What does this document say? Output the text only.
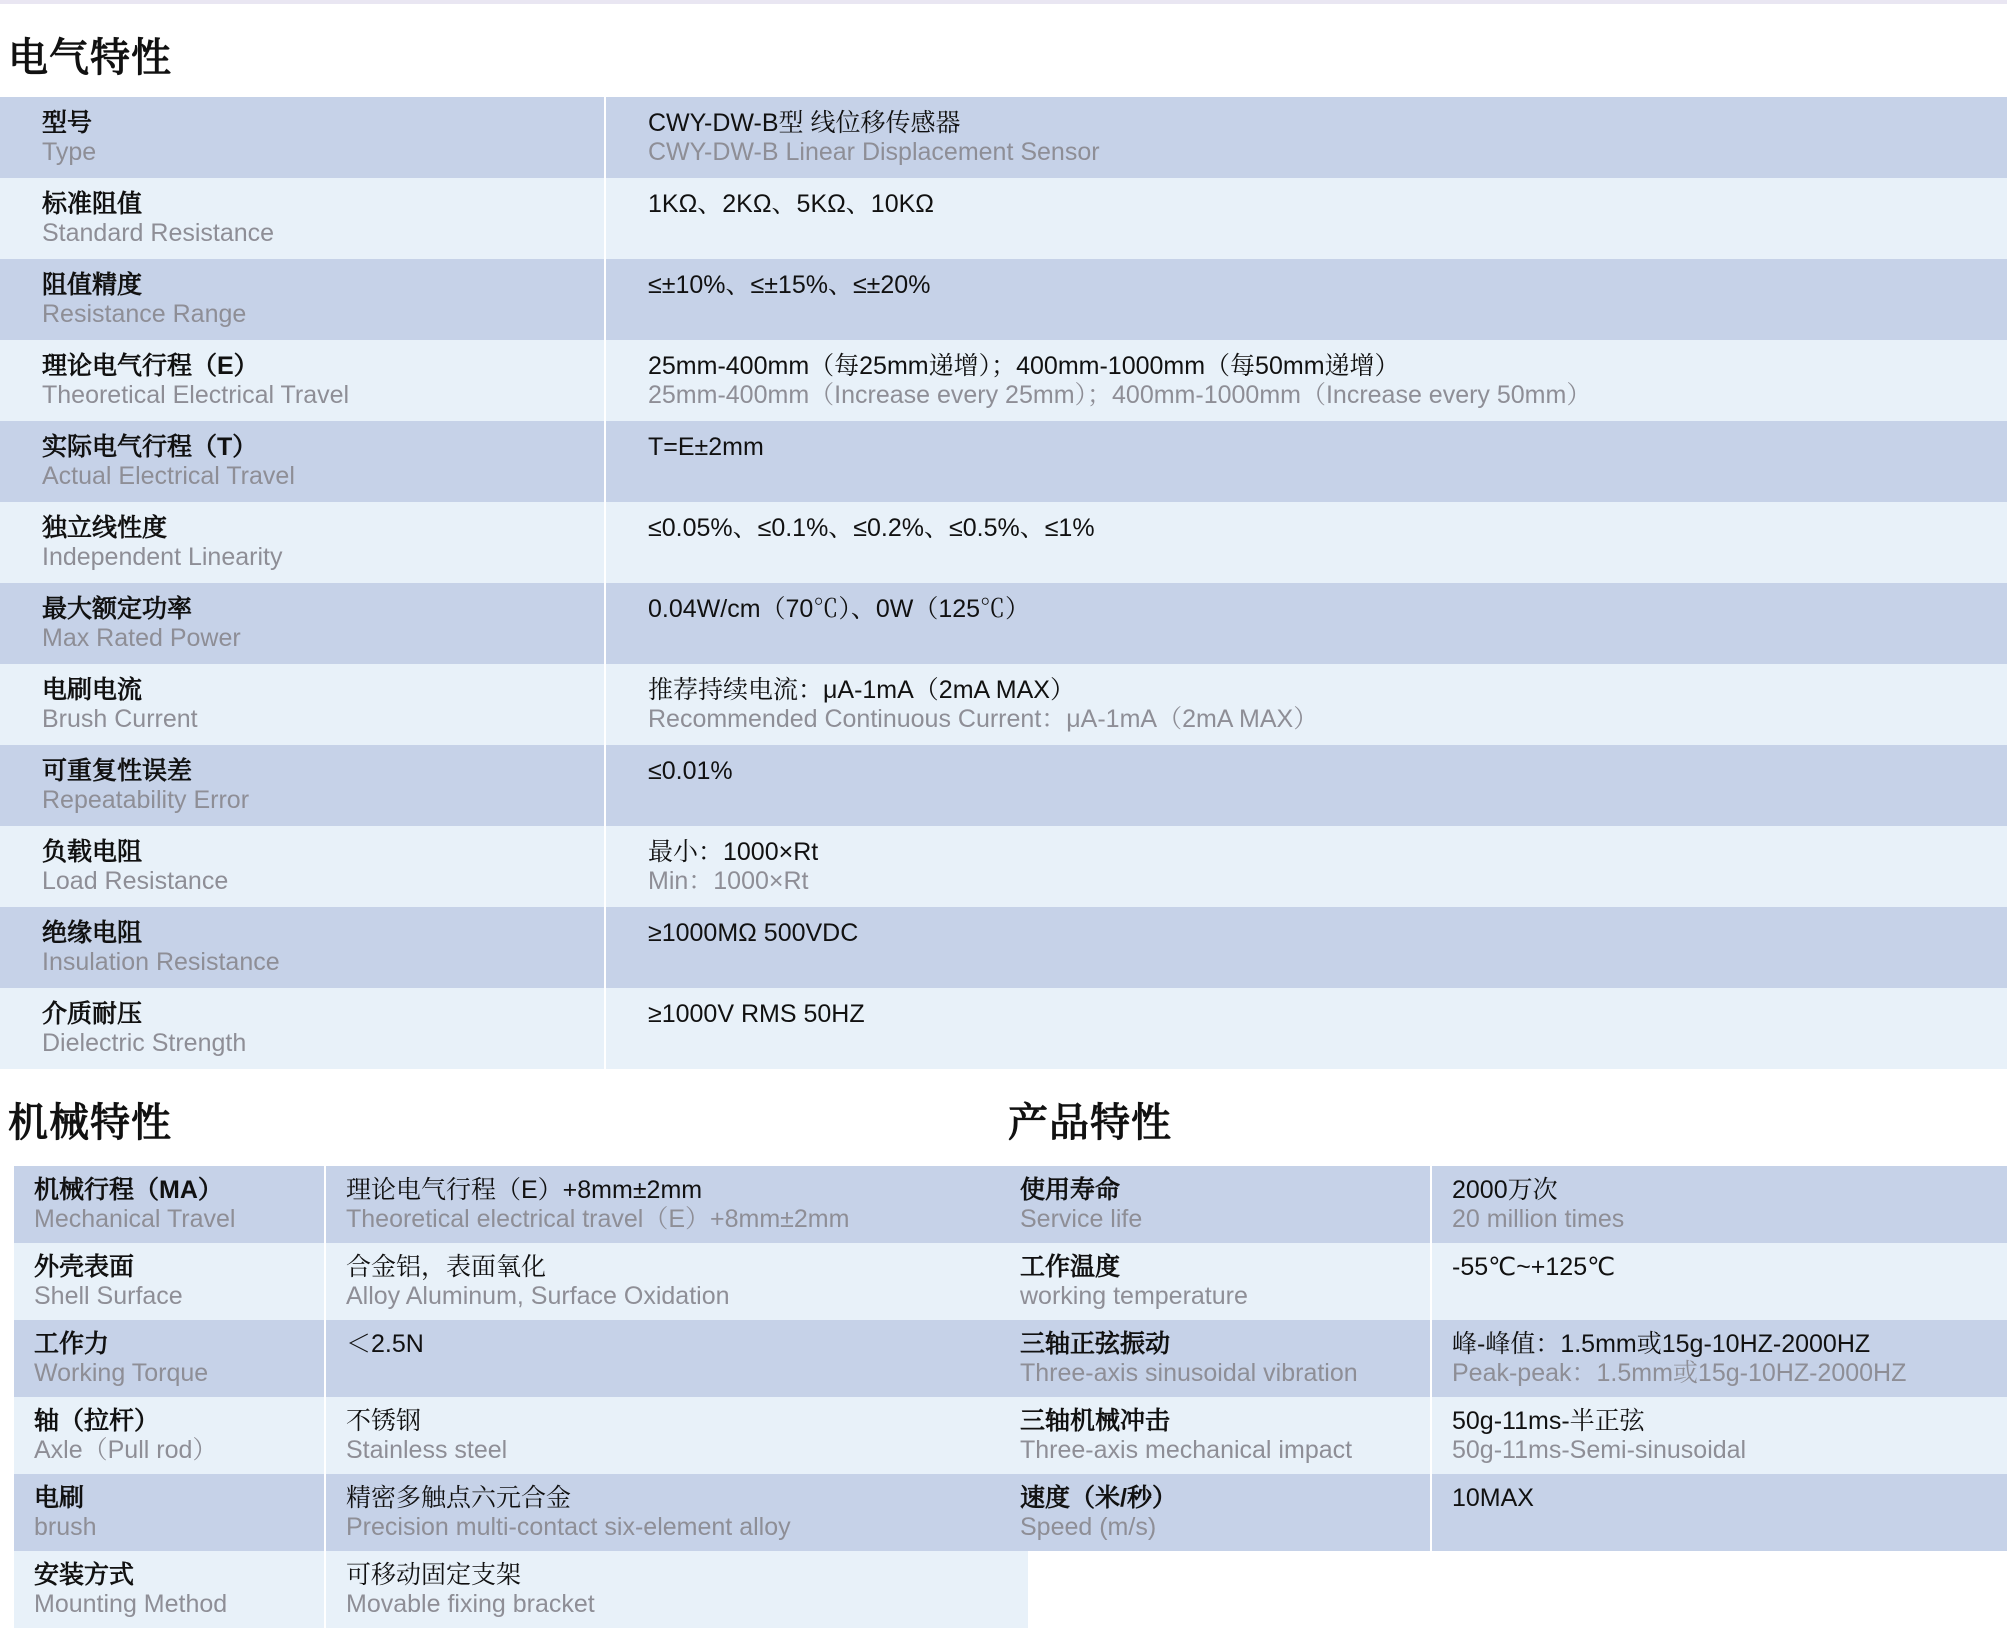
电气特性
型号
Type	CWY-DW-B型 线位移传感器
CWY-DW-B Linear Displacement Sensor

标准阻值
Standard Resistance	1KΩ、2KΩ、5KΩ、10KΩ

阻值精度
Resistance Range	≤±10%、≤±15%、≤±20%

理论电气行程（E）
Theoretical Electrical Travel	25mm-400mm（每25mm递增）；400mm-1000mm（每50mm递增）
25mm-400mm（Increase every 25mm）；400mm-1000mm（Increase every 50mm）

实际电气行程（T）
Actual Electrical Travel	T=E±2mm

独立线性度
Independent Linearity	≤0.05%、≤0.1%、≤0.2%、≤0.5%、≤1%

最大额定功率
Max Rated Power	0.04W/cm（70℃）、0W（125℃）

电刷电流
Brush Current	推荐持续电流：μA-1mA（2mA MAX）
Recommended Continuous Current：μA-1mA（2mA MAX）

可重复性误差
Repeatability Error	≤0.01%

负载电阻
Load Resistance	最小：1000×Rt
Min：1000×Rt

绝缘电阻
Insulation Resistance	≥1000MΩ 500VDC

介质耐压
Dielectric Strength	≥1000V RMS 50HZ
机械特性	产品特性
机械行程（MA）
Mechanical Travel	理论电气行程（E）+8mm±2mm
Theoretical electrical travel（E）+8mm±2mm

外壳表面
Shell Surface	合金铝，表面氧化
Alloy Aluminum, Surface Oxidation

工作力
Working Torque	＜2.5N

轴（拉杆）
Axle（Pull rod）	不锈钢
Stainless steel

电刷
brush	精密多触点六元合金
Precision multi-contact six-element alloy

安装方式
Mounting Method	可移动固定支架
Movable fixing bracket
使用寿命
Service life	2000万次
20 million times

工作温度
working temperature	-55℃~+125℃

三轴正弦振动
Three-axis sinusoidal vibration	峰-峰值：1.5mm或15g-10HZ-2000HZ
Peak-peak：1.5mm或15g-10HZ-2000HZ

三轴机械冲击
Three-axis mechanical impact	50g-11ms-半正弦
50g-11ms-Semi-sinusoidal

速度（米/秒）
Speed (m/s)	10MAX
